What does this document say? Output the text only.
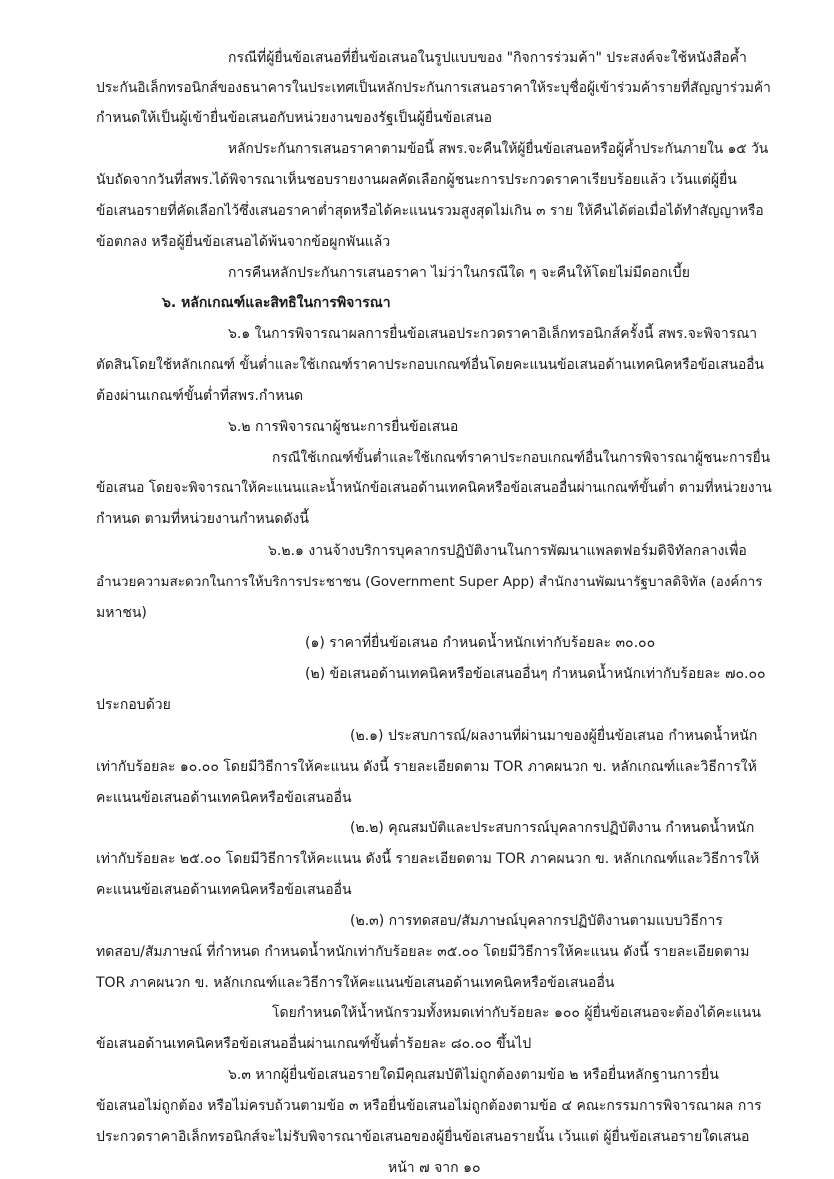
กรณีที่ผู้ยื่นข้อเสนอที่ยื่นข้อเสนอในรูปแบบของ "กิจการร่วมค้า" ประสงค์จะใช้หนังสือค้ำ
ประกันอิเล็กทรอนิกส์ของธนาคารในประเทศเป็นหลักประกันการเสนอราคาให้ระบุชื่อผู้เข้าร่วมค้ารายที่สัญญาร่วมค้า
กำหนดให้เป็นผู้เข้ายื่นข้อเสนอกับหน่วยงานของรัฐเป็นผู้ยื่นข้อเสนอ
หลักประกันการเสนอราคาตามข้อนี้ สพร.จะคืนให้ผู้ยื่นข้อเสนอหรือผู้ค้ำประกันภายใน ๑๕ วัน
นับถัดจากวันที่สพร.ได้พิจารณาเห็นชอบรายงานผลคัดเลือกผู้ชนะการประกวดราคาเรียบร้อยแล้ว เว้นแต่ผู้ยื่น
ข้อเสนอรายที่คัดเลือกไว้ซึ่งเสนอราคาต่ำสุดหรือได้คะแนนรวมสูงสุดไม่เกิน ๓ ราย ให้คืนได้ต่อเมื่อได้ทำสัญญาหรือ
ข้อตกลง หรือผู้ยื่นข้อเสนอได้พ้นจากข้อผูกพันแล้ว
การคืนหลักประกันการเสนอราคา ไม่ว่าในกรณีใด ๆ จะคืนให้โดยไม่มีดอกเบี้ย
๖. หลักเกณฑ์และสิทธิในการพิจารณา
๖.๑ ในการพิจารณาผลการยื่นข้อเสนอประกวดราคาอิเล็กทรอนิกส์ครั้งนี้ สพร.จะพิจารณา
ตัดสินโดยใช้หลักเกณฑ์ ขั้นต่ำและใช้เกณฑ์ราคาประกอบเกณฑ์อื่นโดยคะแนนข้อเสนอด้านเทคนิคหรือข้อเสนออื่น
ต้องผ่านเกณฑ์ขั้นต่ำที่สพร.กำหนด
๖.๒ การพิจารณาผู้ชนะการยื่นข้อเสนอ
กรณีใช้เกณฑ์ขั้นต่ำและใช้เกณฑ์ราคาประกอบเกณฑ์อื่นในการพิจารณาผู้ชนะการยื่น
ข้อเสนอ โดยจะพิจารณาให้คะแนนและน้ำหนักข้อเสนอด้านเทคนิคหรือข้อเสนออื่นผ่านเกณฑ์ขั้นต่ำ ตามที่หน่วยงาน
กำหนด ตามที่หน่วยงานกำหนดดังนี้
๖.๒.๑ งานจ้างบริการบุคลากรปฏิบัติงานในการพัฒนาแพลตฟอร์มดิจิทัลกลางเพื่อ
อำนวยความสะดวกในการให้บริการประชาชน (Government Super App) สำนักงานพัฒนารัฐบาลดิจิทัล (องค์การ
มหาชน)
(๑) ราคาที่ยื่นข้อเสนอ กำหนดน้ำหนักเท่ากับร้อยละ ๓๐.๐๐
(๒) ข้อเสนอด้านเทคนิคหรือข้อเสนออื่นๆ กำหนดน้ำหนักเท่ากับร้อยละ ๗๐.๐๐
ประกอบด้วย
(๒.๑) ประสบการณ์/ผลงานที่ผ่านมาของผู้ยื่นข้อเสนอ กำหนดน้ำหนัก
เท่ากับร้อยละ ๑๐.๐๐ โดยมีวิธีการให้คะแนน ดังนี้ รายละเอียดตาม TOR ภาคผนวก ข. หลักเกณฑ์และวิธีการให้
คะแนนข้อเสนอด้านเทคนิคหรือข้อเสนออื่น
(๒.๒) คุณสมบัติและประสบการณ์บุคลากรปฏิบัติงาน กำหนดน้ำหนัก
เท่ากับร้อยละ ๒๕.๐๐ โดยมีวิธีการให้คะแนน ดังนี้ รายละเอียดตาม TOR ภาคผนวก ข. หลักเกณฑ์และวิธีการให้
คะแนนข้อเสนอด้านเทคนิคหรือข้อเสนออื่น
(๒.๓) การทดสอบ/สัมภาษณ์บุคลากรปฏิบัติงานตามแบบวิธีการ
ทดสอบ/สัมภาษณ์ ที่กำหนด กำหนดน้ำหนักเท่ากับร้อยละ ๓๕.๐๐ โดยมีวิธีการให้คะแนน ดังนี้ รายละเอียดตาม
TOR ภาคผนวก ข. หลักเกณฑ์และวิธีการให้คะแนนข้อเสนอด้านเทคนิคหรือข้อเสนออื่น
โดยกำหนดให้น้ำหนักรวมทั้งหมดเท่ากับร้อยละ ๑๐๐ ผู้ยื่นข้อเสนอจะต้องได้คะแนน
ข้อเสนอด้านเทคนิคหรือข้อเสนออื่นผ่านเกณฑ์ขั้นต่ำร้อยละ ๘๐.๐๐ ขึ้นไป
๖.๓ หากผู้ยื่นข้อเสนอรายใดมีคุณสมบัติไม่ถูกต้องตามข้อ ๒ หรือยื่นหลักฐานการยื่น
ข้อเสนอไม่ถูกต้อง หรือไม่ครบถ้วนตามข้อ ๓ หรือยื่นข้อเสนอไม่ถูกต้องตามข้อ ๔ คณะกรรมการพิจารณาผล การ
ประกวดราคาอิเล็กทรอนิกส์จะไม่รับพิจารณาข้อเสนอของผู้ยื่นข้อเสนอรายนั้น เว้นแต่ ผู้ยื่นข้อเสนอรายใดเสนอ
หน้า ๗ จาก ๑๐
